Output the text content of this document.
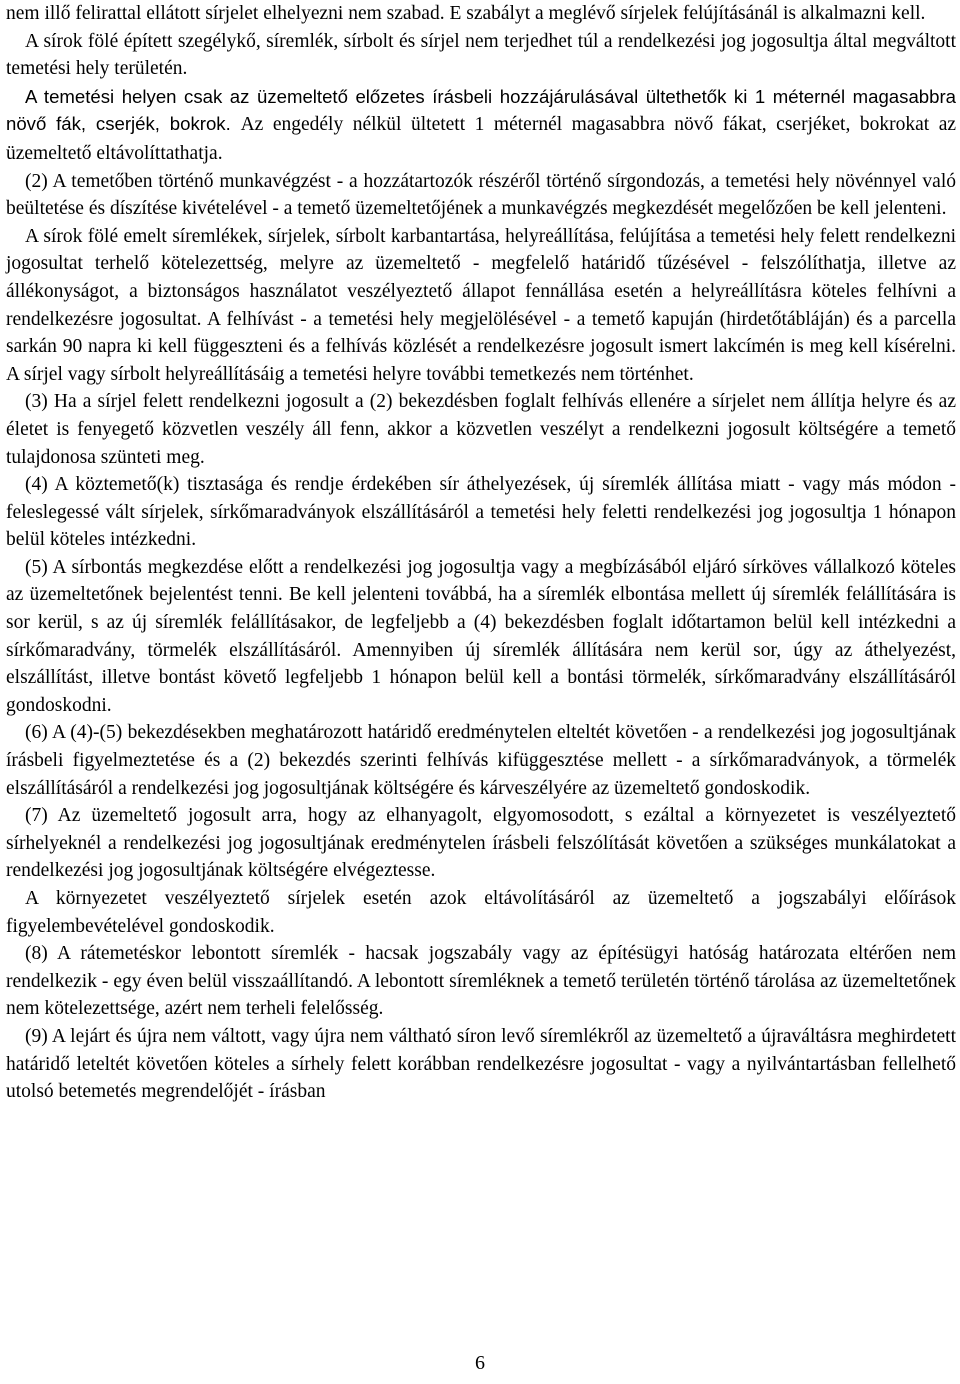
nem illő felirattal ellátott sírjelet elhelyezni nem szabad. E szabályt a meglévő sírjelek felújításánál is alkalmazni kell.

A sírok fölé épített szegélykő, síremlék, sírbolt és sírjel nem terjedhet túl a rendelkezési jog jogosultja által megváltott temetési hely területén.

A temetési helyen csak az üzemeltető előzetes írásbeli hozzájárulásával ültethetők ki 1 méternél magasabbra növő fák, cserjék, bokrok. Az engedély nélkül ültetett 1 méternél magasabbra növő fákat, cserjéket, bokrokat az üzemeltető eltávolíttathatja.

(2) A temetőben történő munkavégzést - a hozzátartozók részéről történő sírgondozás, a temetési hely növénnyel való beültetése és díszítése kivételével - a temető üzemeltetőjének a munkavégzés megkezdését megelőzően be kell jelenteni.

A sírok fölé emelt síremlékek, sírjelek, sírbolt karbantartása, helyreállítása, felújítása a temetési hely felett rendelkezni jogosultat terhelő kötelezettség, melyre az üzemeltető - megfelelő határidő tűzésével - felszólíthatja, illetve az állékonyságot, a biztonságos használatot veszélyeztető állapot fennállása esetén a helyreállításra köteles felhívni a rendelkezésre jogosultat. A felhívást - a temetési hely megjelölésével - a temető kapuján (hirdetőtábláján) és a parcella sarkán 90 napra ki kell függeszteni és a felhívás közlését a rendelkezésre jogosult ismert lakcímén is meg kell kísérelni. A sírjel vagy sírbolt helyreállításáig a temetési helyre további temetkezés nem történhet.

(3) Ha a sírjel felett rendelkezni jogosult a (2) bekezdésben foglalt felhívás ellenére a sírjelet nem állítja helyre és az életet is fenyegető közvetlen veszély áll fenn, akkor a közvetlen veszélyt a rendelkezni jogosult költségére a temető tulajdonosa szünteti meg.

(4) A köztemető(k) tisztasága és rendje érdekében sír áthelyezések, új síremlék állítása miatt - vagy más módon - feleslegessé vált sírjelek, sírkőmaradványok elszállításáról a temetési hely feletti rendelkezési jog jogosultja 1 hónapon belül köteles intézkedni.

(5) A sírbontás megkezdése előtt a rendelkezési jog jogosultja vagy a megbízásából eljáró sírköves vállalkozó köteles az üzemeltetőnek bejelentést tenni. Be kell jelenteni továbbá, ha a síremlék elbontása mellett új síremlék felállítására is sor kerül, s az új síremlék felállításakor, de legfeljebb a (4) bekezdésben foglalt időtartamon belül kell intézkedni a sírkőmaradvány, törmelék elszállításáról. Amennyiben új síremlék állítására nem kerül sor, úgy az áthelyezést, elszállítást, illetve bontást követő legfeljebb 1 hónapon belül kell a bontási törmelék, sírkőmaradvány elszállításáról gondoskodni.

(6) A (4)-(5) bekezdésekben meghatározott határidő eredménytelen elteltét követően - a rendelkezési jog jogosultjának írásbeli figyelmeztetése és a (2) bekezdés szerinti felhívás kifüggesztése mellett - a sírkőmaradványok, a törmelék elszállításáról a rendelkezési jog jogosultjának költségére és kárveszélyére az üzemeltető gondoskodik.

(7) Az üzemeltető jogosult arra, hogy az elhanyagolt, elgyomosodott, s ezáltal a környezetet is veszélyeztető sírhelyeknél a rendelkezési jog jogosultjának eredménytelen írásbeli felszólítását követően a szükséges munkálatokat a rendelkezési jog jogosultjának költségére elvégeztesse.

A környezetet veszélyeztető sírjelek esetén azok eltávolításáról az üzemeltető a jogszabályi előírások figyelembevételével gondoskodik.

(8) A rátemetéskor lebontott síremlék - hacsak jogszabály vagy az építésügyi hatóság határozata eltérően nem rendelkezik - egy éven belül visszaállítandó. A lebontott síremléknek a temető területén történő tárolása az üzemeltetőnek nem kötelezettsége, azért nem terheli felelősség.

(9) A lejárt és újra nem váltott, vagy újra nem váltható síron levő síremlékről az üzemeltető a újraváltásra meghirdetett határidő leteltét követően köteles a sírhely felett korábban rendelkezésre jogosultat - vagy a nyilvántartásban fellelhető utolsó betemetés megrendelőjét - írásban

6
